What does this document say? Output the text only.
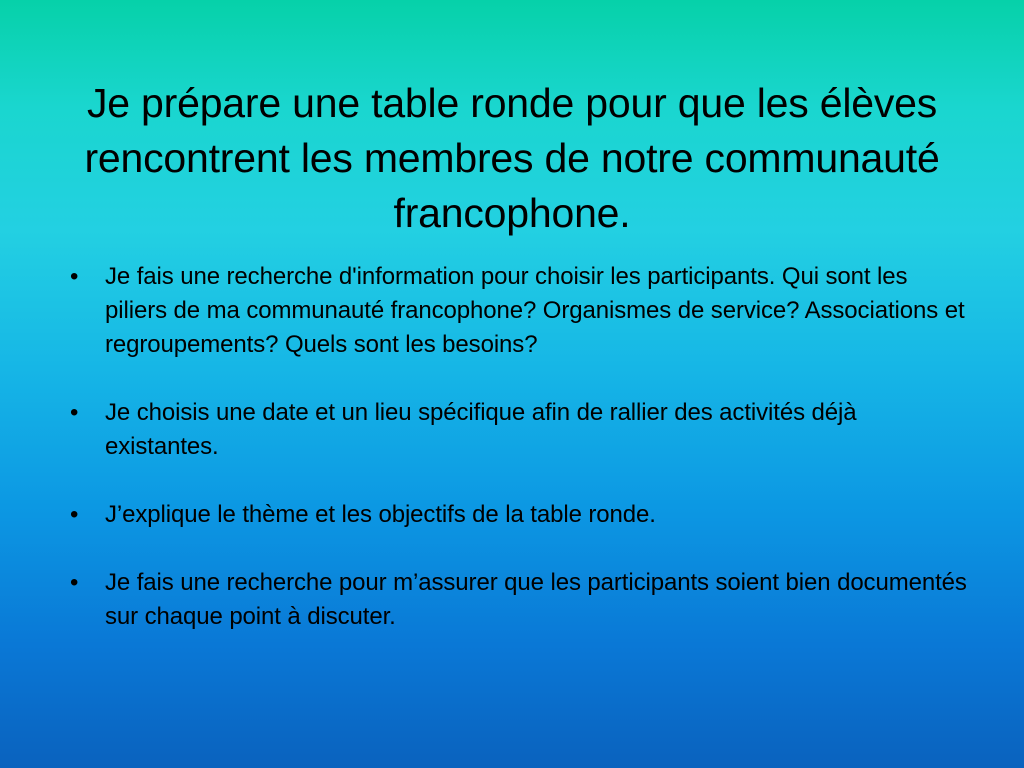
Je prépare une table ronde pour que les élèves rencontrent les membres de notre communauté francophone.
• Je fais une recherche d'information pour choisir les participants. Qui sont les piliers de ma communauté francophone? Organismes de service? Associations et regroupements? Quels sont les besoins?
• Je choisis une date et un lieu spécifique afin de rallier des activités déjà existantes.
• J’explique le thème et les objectifs de la table ronde.
• Je fais une recherche pour m’assurer que les participants soient bien documentés sur chaque point à discuter.
